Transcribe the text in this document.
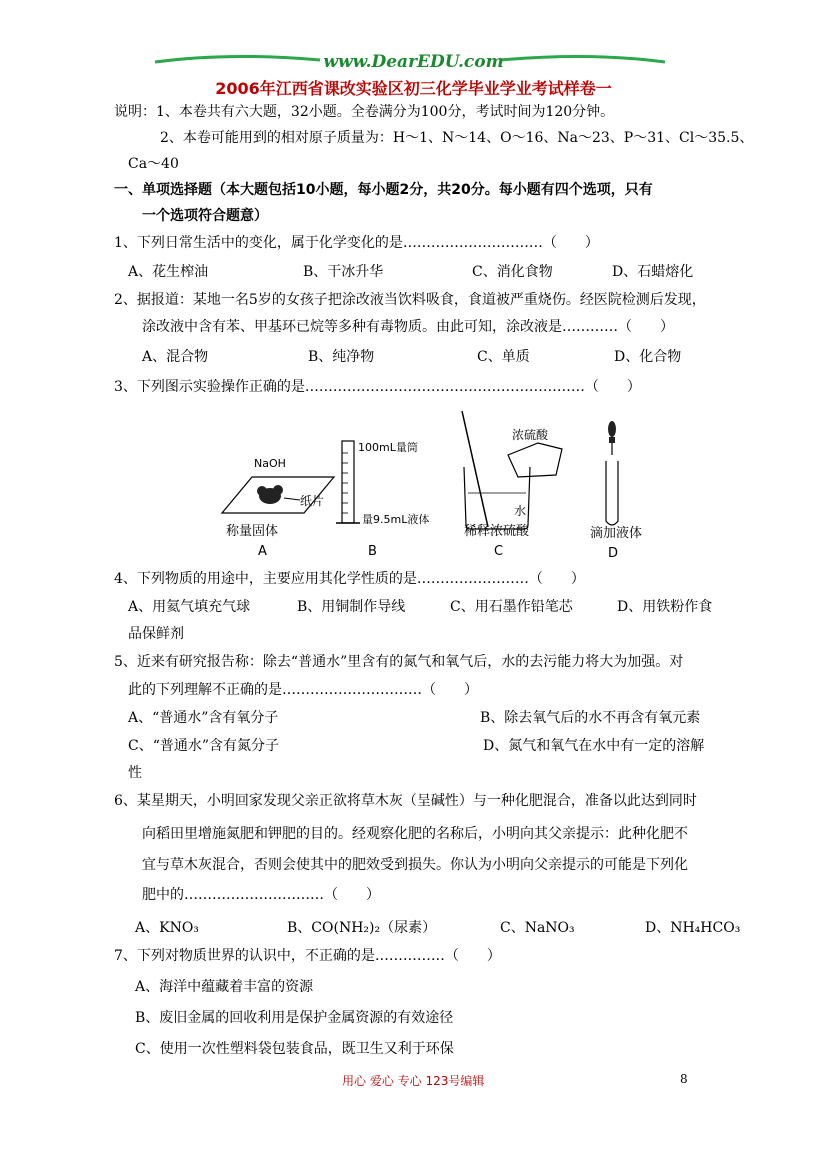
www.DearEDU.com
2006年江西省课改实验区初三化学毕业学业考试样卷一
说明：1、本卷共有六大题，32小题。全卷满分为100分，考试时间为120分钟。
2、本卷可能用到的相对原子质量为：H～1、N～14、O～16、Na～23、P～31、Cl～35.5、
Ca～40
一、单项选择题（本大题包括10小题，每小题2分，共20分。每小题有四个选项，只有
一个选项符合题意）
1、下列日常生活中的变化，属于化学变化的是…………………………（　　）
A、花生榨油	B、干冰升华	C、消化食物	D、石蜡熔化
2、据报道：某地一名5岁的女孩子把涂改液当饮料吸食，食道被严重烧伤。经医院检测后发现，
涂改液中含有苯、甲基环已烷等多种有毒物质。由此可知，涂改液是…………（　　）
A、混合物	B、纯净物	C、单质	D、化合物
3、下列图示实验操作正确的是……………………………………………………（　　）
NaOH
纸片
称量固体
A
100mL量筒
量9.5mL液体
B
浓硫酸
水
稀释浓硫酸
C
滴加液体
D
4、下列物质的用途中，主要应用其化学性质的是……………………（　　）
A、用氦气填充气球	B、用铜制作导线	C、用石墨作铅笔芯	D、用铁粉作食
品保鲜剂
5、近来有研究报告称：除去“普通水”里含有的氮气和氧气后，水的去污能力将大为加强。对
此的下列理解不正确的是…………………………（　　）
A、“普通水”含有氧分子	B、除去氧气后的水不再含有氧元素
C、“普通水”含有氮分子	D、氮气和氧气在水中有一定的溶解
性
6、某星期天，小明回家发现父亲正欲将草木灰（呈碱性）与一种化肥混合，准备以此达到同时
向稻田里增施氮肥和钾肥的目的。经观察化肥的名称后，小明向其父亲提示：此种化肥不
宜与草木灰混合，否则会使其中的肥效受到损失。你认为小明向父亲提示的可能是下列化
肥中的…………………………（　　）
A、KNO₃	B、CO(NH₂)₂（尿素）	C、NaNO₃	D、NH₄HCO₃
7、下列对物质世界的认识中，不正确的是……………（　　）
A、海洋中蕴藏着丰富的资源
B、废旧金属的回收利用是保护金属资源的有效途径
C、使用一次性塑料袋包装食品，既卫生又利于环保
用心 爱心 专心 123号编辑	8
